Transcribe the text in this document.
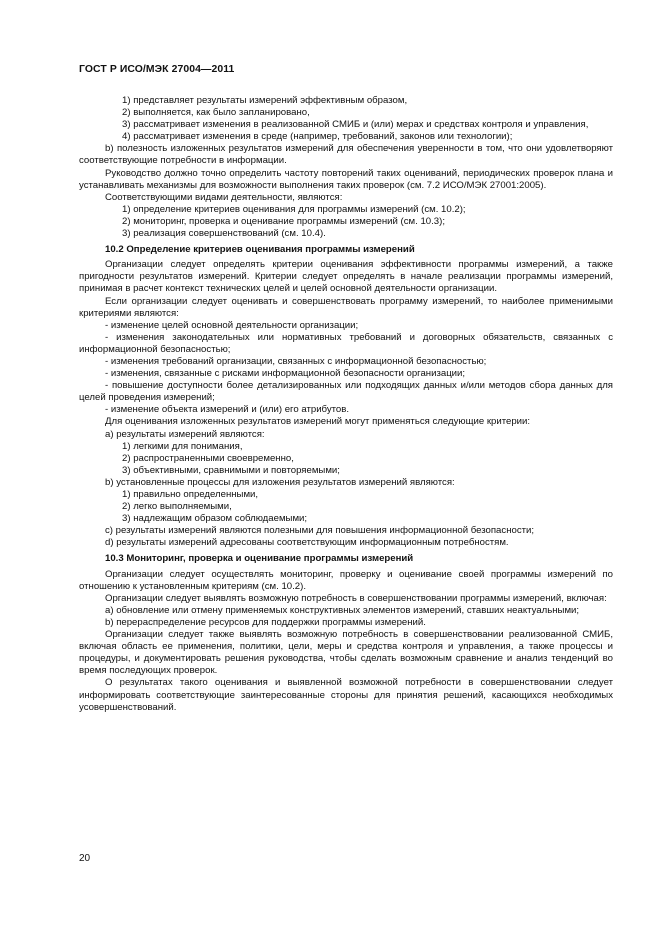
ГОСТ Р ИСО/МЭК 27004—2011

1) представляет результаты измерений эффективным образом,

2) выполняется, как было запланировано,

3) рассматривает изменения в реализованной СМИБ и (или) мерах и средствах контроля и управления,

4) рассматривает изменения в среде (например, требований, законов или технологии);

b) полезность изложенных результатов измерений для обеспечения уверенности в том, что они удовлетворяют соответствующие потребности в информации.

Руководство должно точно определить частоту повторений таких оцениваний, периодических проверок плана и устанавливать механизмы для возможности выполнения таких проверок (см. 7.2 ИСО/МЭК 27001:2005).

Соответствующими видами деятельности, являются:

1) определение критериев оценивания для программы измерений (см. 10.2);

2) мониторинг, проверка и оценивание программы измерений (см. 10.3);

3) реализация совершенствований (см. 10.4).

10.2 Определение критериев оценивания программы измерений

Организации следует определять критерии оценивания эффективности программы измерений, а также пригодности результатов измерений. Критерии следует определять в начале реализации программы измерений, принимая в расчет контекст технических целей и целей основной деятельности организации.

Если организации следует оценивать и совершенствовать программу измерений, то наиболее применимыми критериями являются:

- изменение целей основной деятельности организации;

- изменения законодательных или нормативных требований и договорных обязательств, связанных с информационной безопасностью;

- изменения требований организации, связанных с информационной безопасностью;

- изменения, связанные с рисками информационной безопасности организации;

- повышение доступности более детализированных или подходящих данных и/или методов сбора данных для целей проведения измерений;

- изменение объекта измерений и (или) его атрибутов.

Для оценивания изложенных результатов измерений могут применяться следующие критерии:

a) результаты измерений являются:

1) легкими для понимания,

2) распространенными своевременно,

3) объективными, сравнимыми и повторяемыми;

b) установленные процессы для изложения результатов измерений являются:

1) правильно определенными,

2) легко выполняемыми,

3) надлежащим образом соблюдаемыми;

c) результаты измерений являются полезными для повышения информационной безопасности;

d) результаты измерений адресованы соответствующим информационным потребностям.

10.3 Мониторинг, проверка и оценивание программы измерений

Организации следует осуществлять мониторинг, проверку и оценивание своей программы измерений по отношению к установленным критериям (см. 10.2).

Организации следует выявлять возможную потребность в совершенствовании программы измерений, включая:

a) обновление или отмену применяемых конструктивных элементов измерений, ставших неактуальными;

b) перераспределение ресурсов для поддержки программы измерений.

Организации следует также выявлять возможную потребность в совершенствовании реализованной СМИБ, включая область ее применения, политики, цели, меры и средства контроля и управления, а также процессы и процедуры, и документировать решения руководства, чтобы сделать возможным сравнение и анализ тенденций во время последующих проверок.

О результатах такого оценивания и выявленной возможной потребности в совершенствовании следует информировать соответствующие заинтересованные стороны для принятия решений, касающихся необходимых усовершенствований.

20
